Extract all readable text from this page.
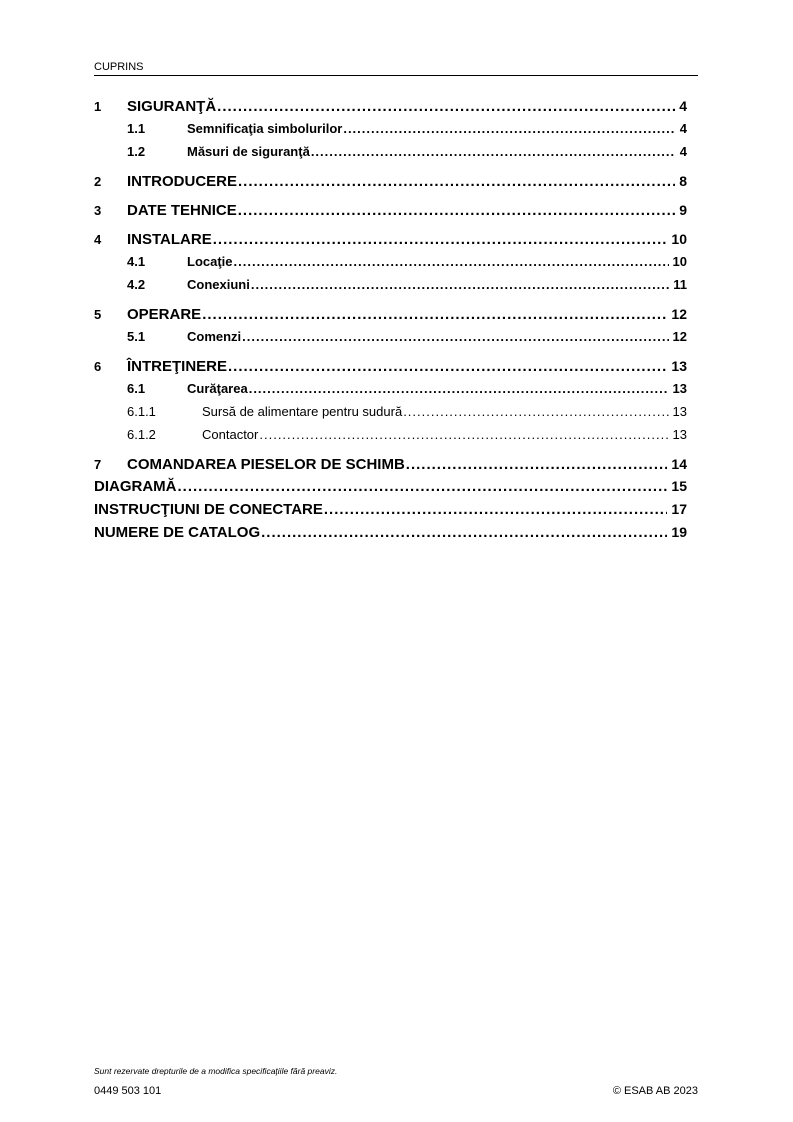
CUPRINS
1	SIGURANŢĂ .....	4
1.1	Semnificaţia simbolurilor .....	4
1.2	Măsuri de siguranţă .....	4
2	INTRODUCERE .....	8
3	DATE TEHNICE .....	9
4	INSTALARE .....	10
4.1	Locaţie .....	10
4.2	Conexiuni .....	11
5	OPERARE .....	12
5.1	Comenzi .....	12
6	ÎNTREŢINERE .....	13
6.1	Curăţarea .....	13
6.1.1	Sursă de alimentare pentru sudură .....	13
6.1.2	Contactor .....	13
7	COMANDAREA PIESELOR DE SCHIMB .....	14
DIAGRAMĂ .....	15
INSTRUCŢIUNI DE CONECTARE .....	17
NUMERE DE CATALOG .....	19
Sunt rezervate drepturile de a modifica specificaţiile fără preaviz.
0449 503 101	© ESAB AB 2023
